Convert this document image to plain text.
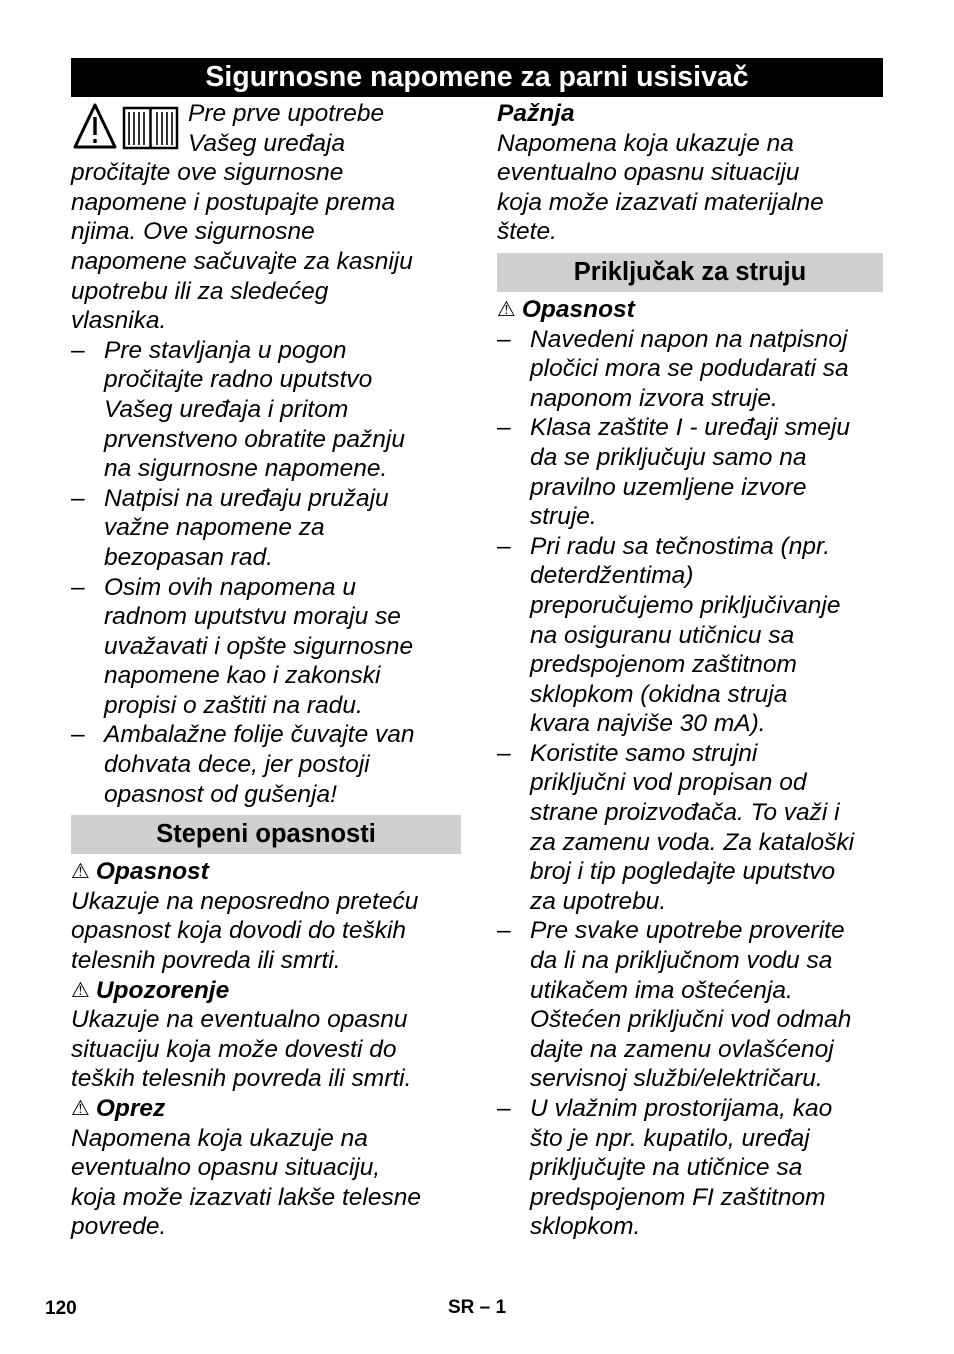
Sigurnosne napomene za parni usisivač
Pre prve upotrebe
Vašeg uređaja
pročitajte ove sigurnosne
napomene i postupajte prema
njima. Ove sigurnosne
napomene sačuvajte za kasniju
upotrebu ili za sledećeg
vlasnika.
– Pre stavljanja u pogon
pročitajte radno uputstvo
Vašeg uređaja i pritom
prvenstveno obratite pažnju
na sigurnosne napomene.
– Natpisi na uređaju pružaju
važne napomene za
bezopasan rad.
– Osim ovih napomena u
radnom uputstvu moraju se
uvažavati i opšte sigurnosne
napomene kao i zakonski
propisi o zaštiti na radu.
– Ambalažne folije čuvajte van
dohvata dece, jer postoji
opasnost od gušenja!
Stepeni opasnosti
⚠ Opasnost
Ukazuje na neposredno pretеću
opasnost koja dovodi do teških
telesnih povreda ili smrti.
⚠ Upozorenje
Ukazuje na eventualno opasnu
situaciju koja može dovesti do
teških telesnih povreda ili smrti.
⚠ Oprez
Napomena koja ukazuje na
eventualno opasnu situaciju,
koja može izazvati lakše telesne
povrede.
Pažnja
Napomena koja ukazuje na
eventualno opasnu situaciju
koja može izazvati materijalne
štete.
Priključak za struju
⚠ Opasnost
– Navedeni napon na natpisnoj
pločici mora se podudarati sa
naponom izvora struje.
– Klasa zaštite I - uređaji smeju
da se priključuju samo na
pravilno uzemljene izvore
struje.
– Pri radu sa tečnostima (npr.
deterdžentima)
preporučujemo priključivanje
na osiguranu utičnicu sa
predspojenom zaštitnom
sklopkom (okidna struja
kvara najviše 30 mA).
– Koristite samo strujni
priključni vod propisan od
strane proizvođača. To važi i
za zamenu voda. Za kataloški
broj i tip pogledajte uputstvo
za upotrebu.
– Pre svake upotrebe proverite
da li na priključnom vodu sa
utikačem ima oštećenja.
Oštećen priključni vod odmah
dajte na zamenu ovlašćenoj
servisnoj službi/električaru.
– U vlažnim prostorijama, kao
što je npr. kupatilo, uređaj
priključujte na utičnice sa
predspojenom FI zaštitnom
sklopkom.
120	SR – 1
